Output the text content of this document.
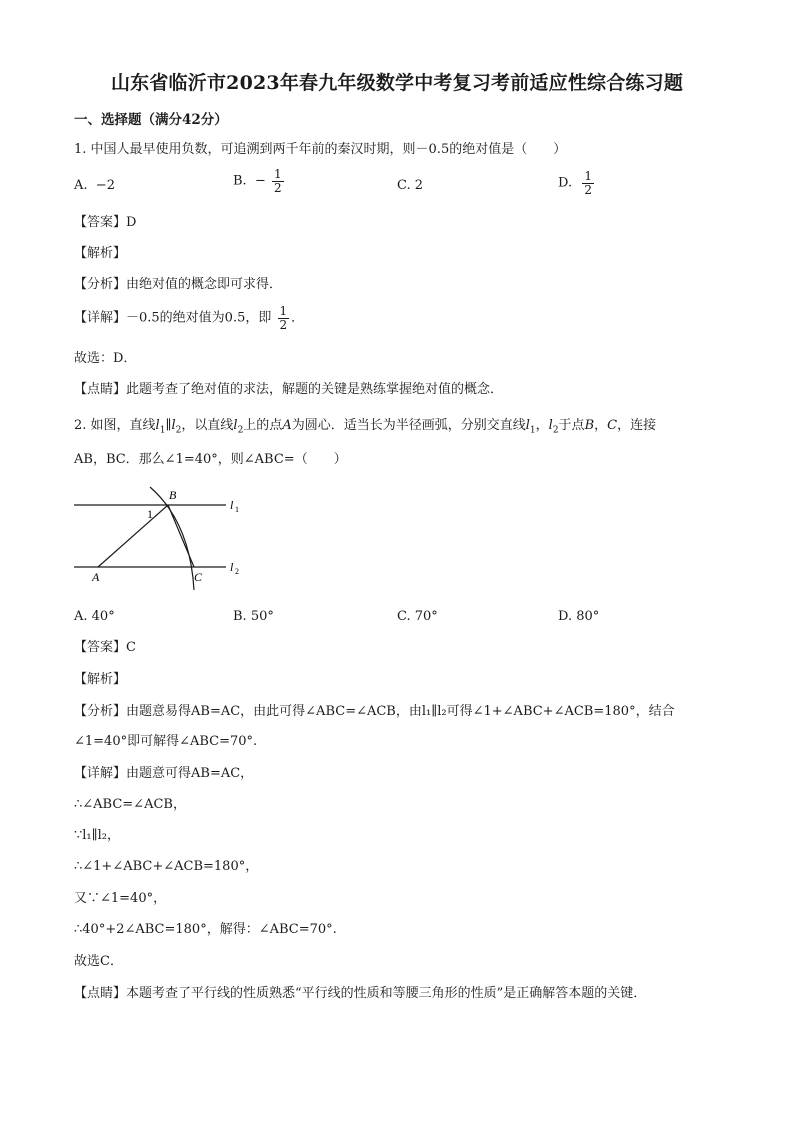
山东省临沂市2023年春九年级数学中考复习考前适应性综合练习题
一、选择题（满分42分）
1. 中国人最早使用负数，可追溯到两千年前的秦汉时期，则－0.5的绝对值是（　　）
A. −2	B. − $\frac{1}{2}$	C. 2	D. $\frac{1}{2}$
【答案】D
【解析】
【分析】由绝对值的概念即可求得．
【详解】－0.5的绝对值为0.5，即 $\frac{1}{2}$ ．
故选：D．
【点睛】此题考查了绝对值的求法，解题的关键是熟练掌握绝对值的概念．
2. 如图，直线$l_1\parallel l_2$，以直线$l_2$上的点A为圆心．适当长为半径画弧，分别交直线$l_1$，$l_2$于点B，C，连接
AB，BC．那么∠1=40°，则∠ABC=（　　）
B
1
A	C
l 1
l 2
A. 40°	B. 50°	C. 70°	D. 80°
【答案】C
【解析】
【分析】由题意易得AB=AC，由此可得∠ABC=∠ACB，由l₁∥l₂可得∠1+∠ABC+∠ACB=180°，结合∠1=40°即可解得∠ABC=70°.
【详解】由题意可得AB=AC，
∴∠ABC=∠ACB，
∵l₁∥l₂，
∴∠1+∠ABC+∠ACB=180°，
又∵∠1=40°，
∴40°+2∠ABC=180°，解得：∠ABC=70°.
故选C．
【点睛】本题考查了平行线的性质熟悉“平行线的性质和等腰三角形的性质”是正确解答本题的关键．
